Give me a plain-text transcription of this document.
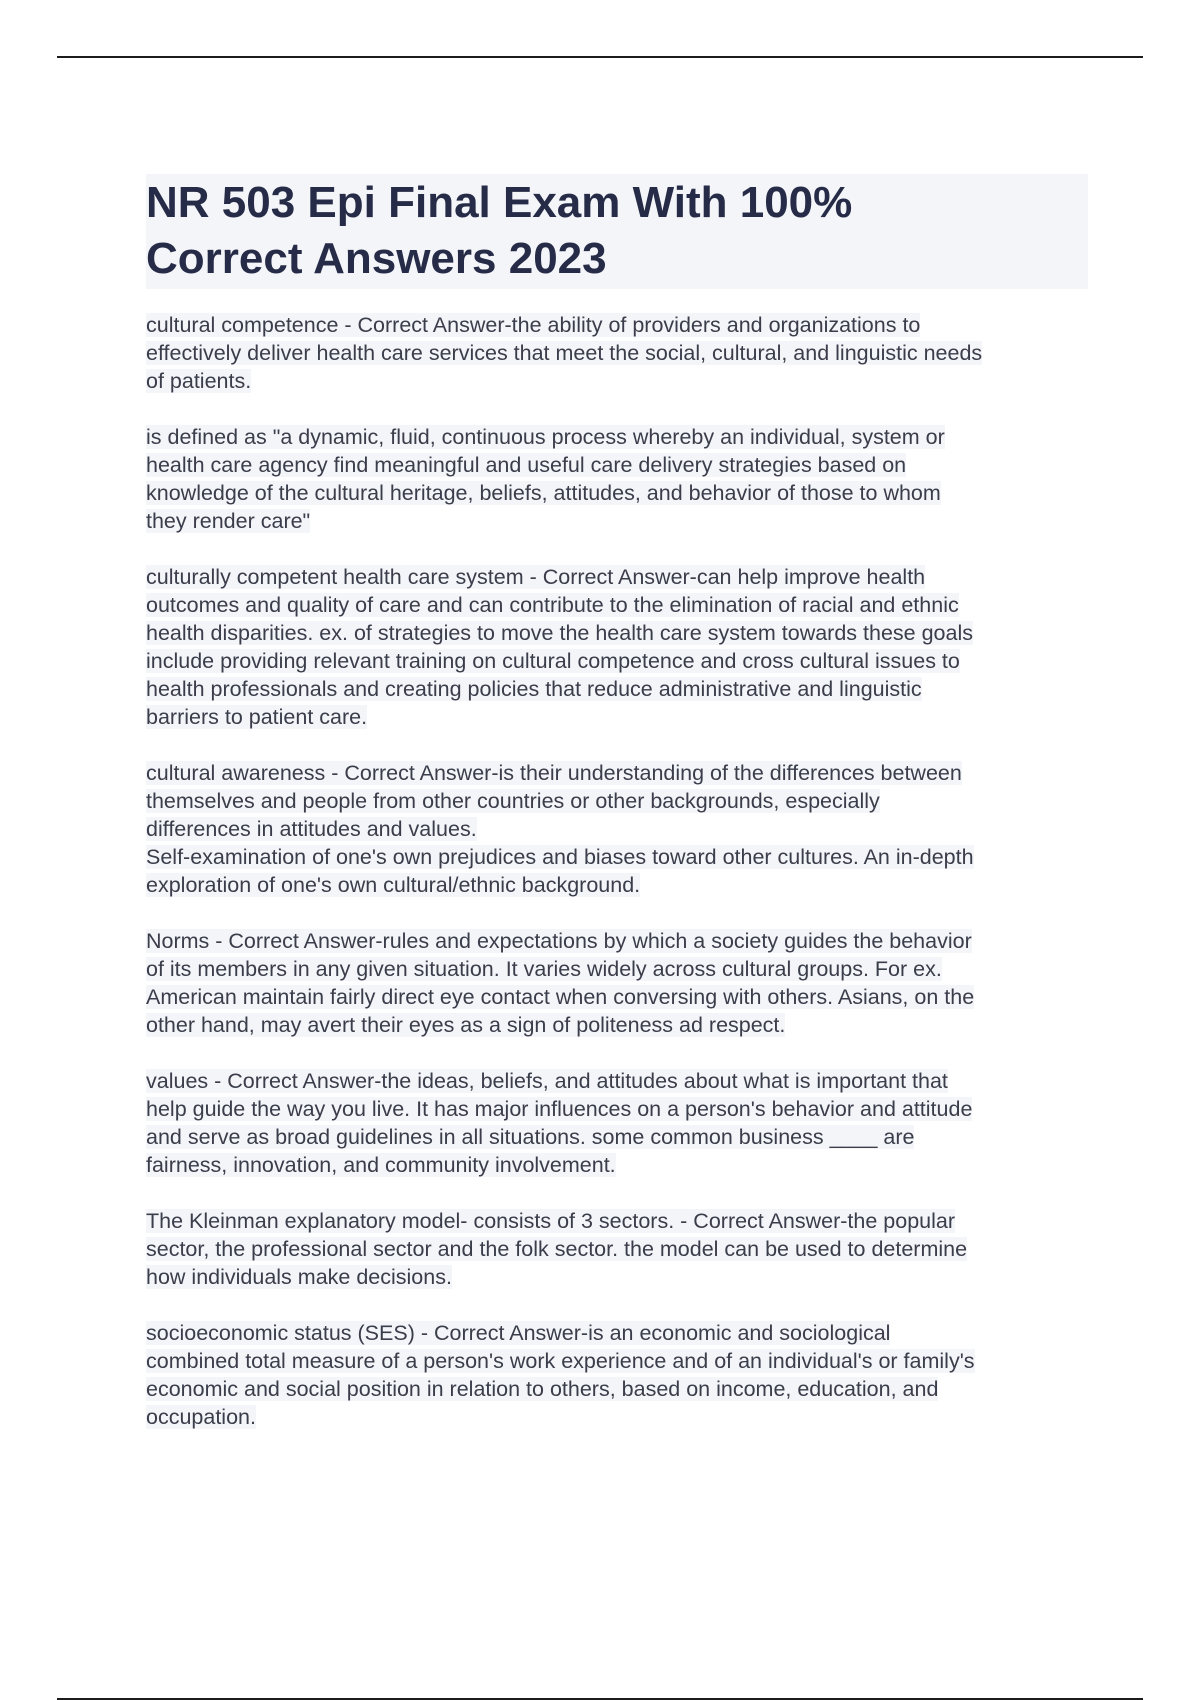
NR 503 Epi Final Exam With 100%
Correct Answers 2023
cultural competence - Correct Answer-the ability of providers and organizations to
effectively deliver health care services that meet the social, cultural, and linguistic needs
of patients.
is defined as "a dynamic, fluid, continuous process whereby an individual, system or
health care agency find meaningful and useful care delivery strategies based on
knowledge of the cultural heritage, beliefs, attitudes, and behavior of those to whom
they render care"
culturally competent health care system - Correct Answer-can help improve health
outcomes and quality of care and can contribute to the elimination of racial and ethnic
health disparities. ex. of strategies to move the health care system towards these goals
include providing relevant training on cultural competence and cross cultural issues to
health professionals and creating policies that reduce administrative and linguistic
barriers to patient care.
cultural awareness - Correct Answer-is their understanding of the differences between
themselves and people from other countries or other backgrounds, especially
differences in attitudes and values.
Self-examination of one's own prejudices and biases toward other cultures. An in-depth
exploration of one's own cultural/ethnic background.
Norms - Correct Answer-rules and expectations by which a society guides the behavior
of its members in any given situation. It varies widely across cultural groups. For ex.
American maintain fairly direct eye contact when conversing with others. Asians, on the
other hand, may avert their eyes as a sign of politeness ad respect.
values - Correct Answer-the ideas, beliefs, and attitudes about what is important that
help guide the way you live. It has major influences on a person's behavior and attitude
and serve as broad guidelines in all situations. some common business ____ are
fairness, innovation, and community involvement.
The Kleinman explanatory model- consists of 3 sectors. - Correct Answer-the popular
sector, the professional sector and the folk sector. the model can be used to determine
how individuals make decisions.
socioeconomic status (SES) - Correct Answer-is an economic and sociological
combined total measure of a person's work experience and of an individual's or family's
economic and social position in relation to others, based on income, education, and
occupation.
